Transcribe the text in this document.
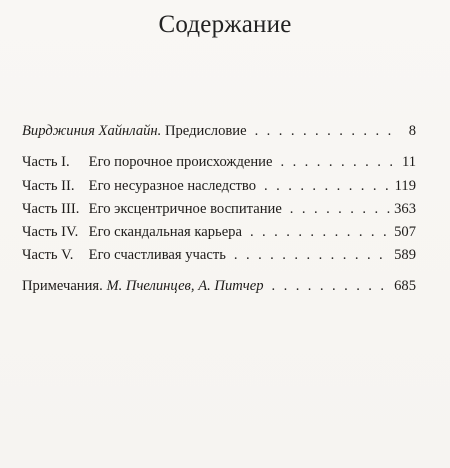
Содержание
Вирджиния Хайнлайн. Предисловие . . .	8
Часть I. Его порочное происхождение . . .	11
Часть II. Его несуразное наследство . . .	119
Часть III. Его эксцентричное воспитание . . .	363
Часть IV. Его скандальная карьера . . .	507
Часть V. Его счастливая участь . . .	589
Примечания. М. Пчелинцев, А. Питчер . . .	685
